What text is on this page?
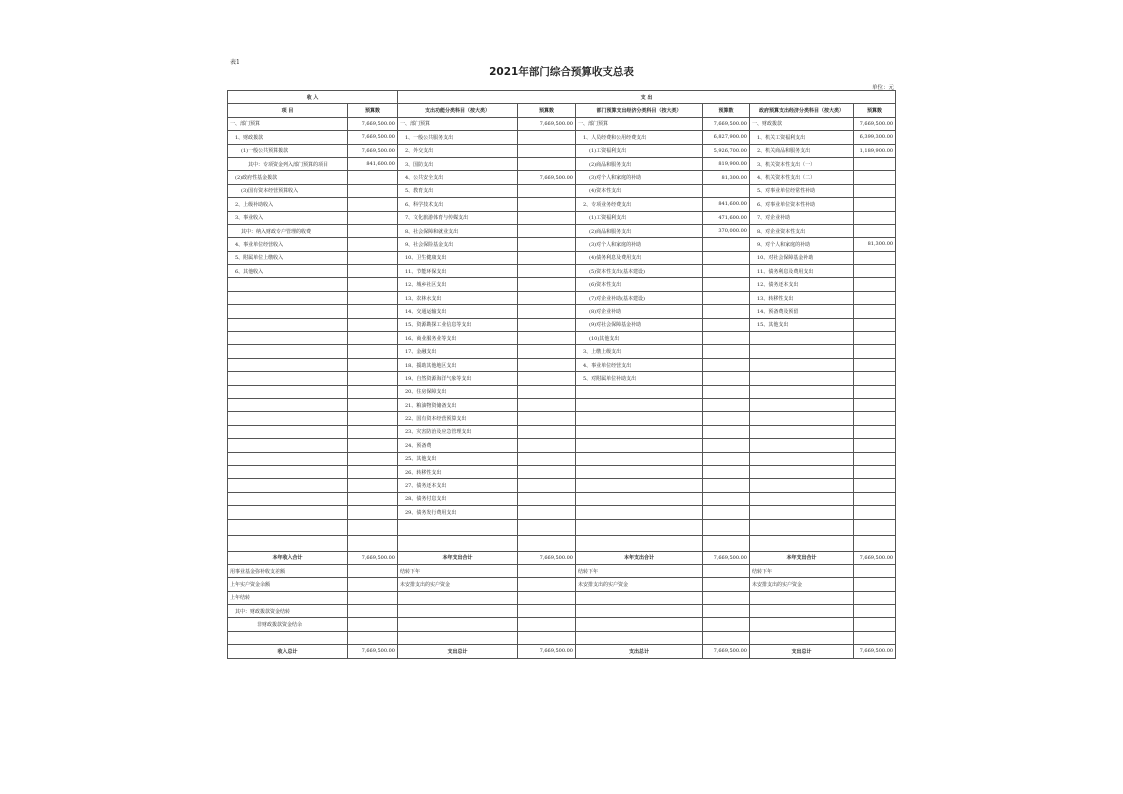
表1
2021年部门综合预算收支总表
单位：元
收 入		支 出					
项 目	预算数	支出功能分类科目（按大类）	预算数	部门预算支出经济分类科目（按大类）	预算数	政府预算支出经济分类科目（按大类）	预算数
一、部门预算	7,669,500.00	一、部门预算	7,669,500.00	一、部门预算	7,669,500.00	一、财政拨款	7,669,500.00
1、财政拨款	7,669,500.00	1、一般公共服务支出		1、人员经费和公用经费支出	6,827,900.00	1、机关工资福利支出	6,399,300.00
(1)一般公共预算拨款	7,669,500.00	2、外交支出		(1)工资福利支出	5,926,700.00	2、机关商品和服务支出	1,189,900.00
其中：专项资金列入部门预算的项目	841,600.00	3、国防支出		(2)商品和服务支出	819,900.00	3、机关资本性支出（一）	
(2)政府性基金拨款		4、公共安全支出	7,669,500.00	(3)对个人和家庭的补助	81,300.00	4、机关资本性支出（二）	
(3)国有资本经营预算收入		5、教育支出		(4)资本性支出		5、对事业单位经常性补助	
2、上级补助收入		6、科学技术支出		2、专项业务经费支出	841,600.00	6、对事业单位资本性补助	
3、事业收入		7、文化旅游体育与传媒支出		(1)工资福利支出	471,600.00	7、对企业补助	
其中：纳入财政专户管理的收费		8、社会保障和就业支出		(2)商品和服务支出	370,000.00	8、对企业资本性支出	
4、事业单位经营收入		9、社会保险基金支出		(3)对个人和家庭的补助		9、对个人和家庭的补助	81,300.00
5、附属单位上缴收入		10、卫生健康支出		(4)债务利息及费用支出		10、对社会保障基金补助	
6、其他收入		11、节能环保支出		(5)资本性支出(基本建设)		11、债务利息及费用支出	
		12、城乡社区支出		(6)资本性支出		12、债务还本支出	
		13、农林水支出		(7)对企业补助(基本建设)		13、转移性支出	
		14、交通运输支出		(8)对企业补助		14、预备费及预留	
		15、资源勘探工业信息等支出		(9)对社会保障基金补助		15、其他支出	
		16、商业服务业等支出		(10)其他支出			
		17、金融支出		3、上缴上级支出			
		18、援助其他地区支出		4、事业单位经营支出			
		19、自然资源海洋气象等支出		5、对附属单位补助支出			
		20、住房保障支出					
		21、粮油物资储备支出					
		22、国有资本经营预算支出					
		23、灾害防治及应急管理支出					
		24、预备费					
		25、其他支出					
		26、转移性支出					
		27、债务还本支出					
		28、债务付息支出					
		29、债务发行费用支出					

本年收入合计	7,669,500.00	本年支出合计	7,669,500.00	本年支出合计	7,669,500.00	本年支出合计	7,669,500.00
用事业基金弥补收支差额		结转下年		结转下年		结转下年	
上年实户资金余额		未安排支出的实户资金		未安排支出的实户资金		未安排支出的实户资金	
上年结转							
其中：财政拨款资金结转							
非财政拨款资金结余							

收入总计	7,669,500.00	支出总计	7,669,500.00	支出总计	7,669,500.00	支出总计	7,669,500.00
